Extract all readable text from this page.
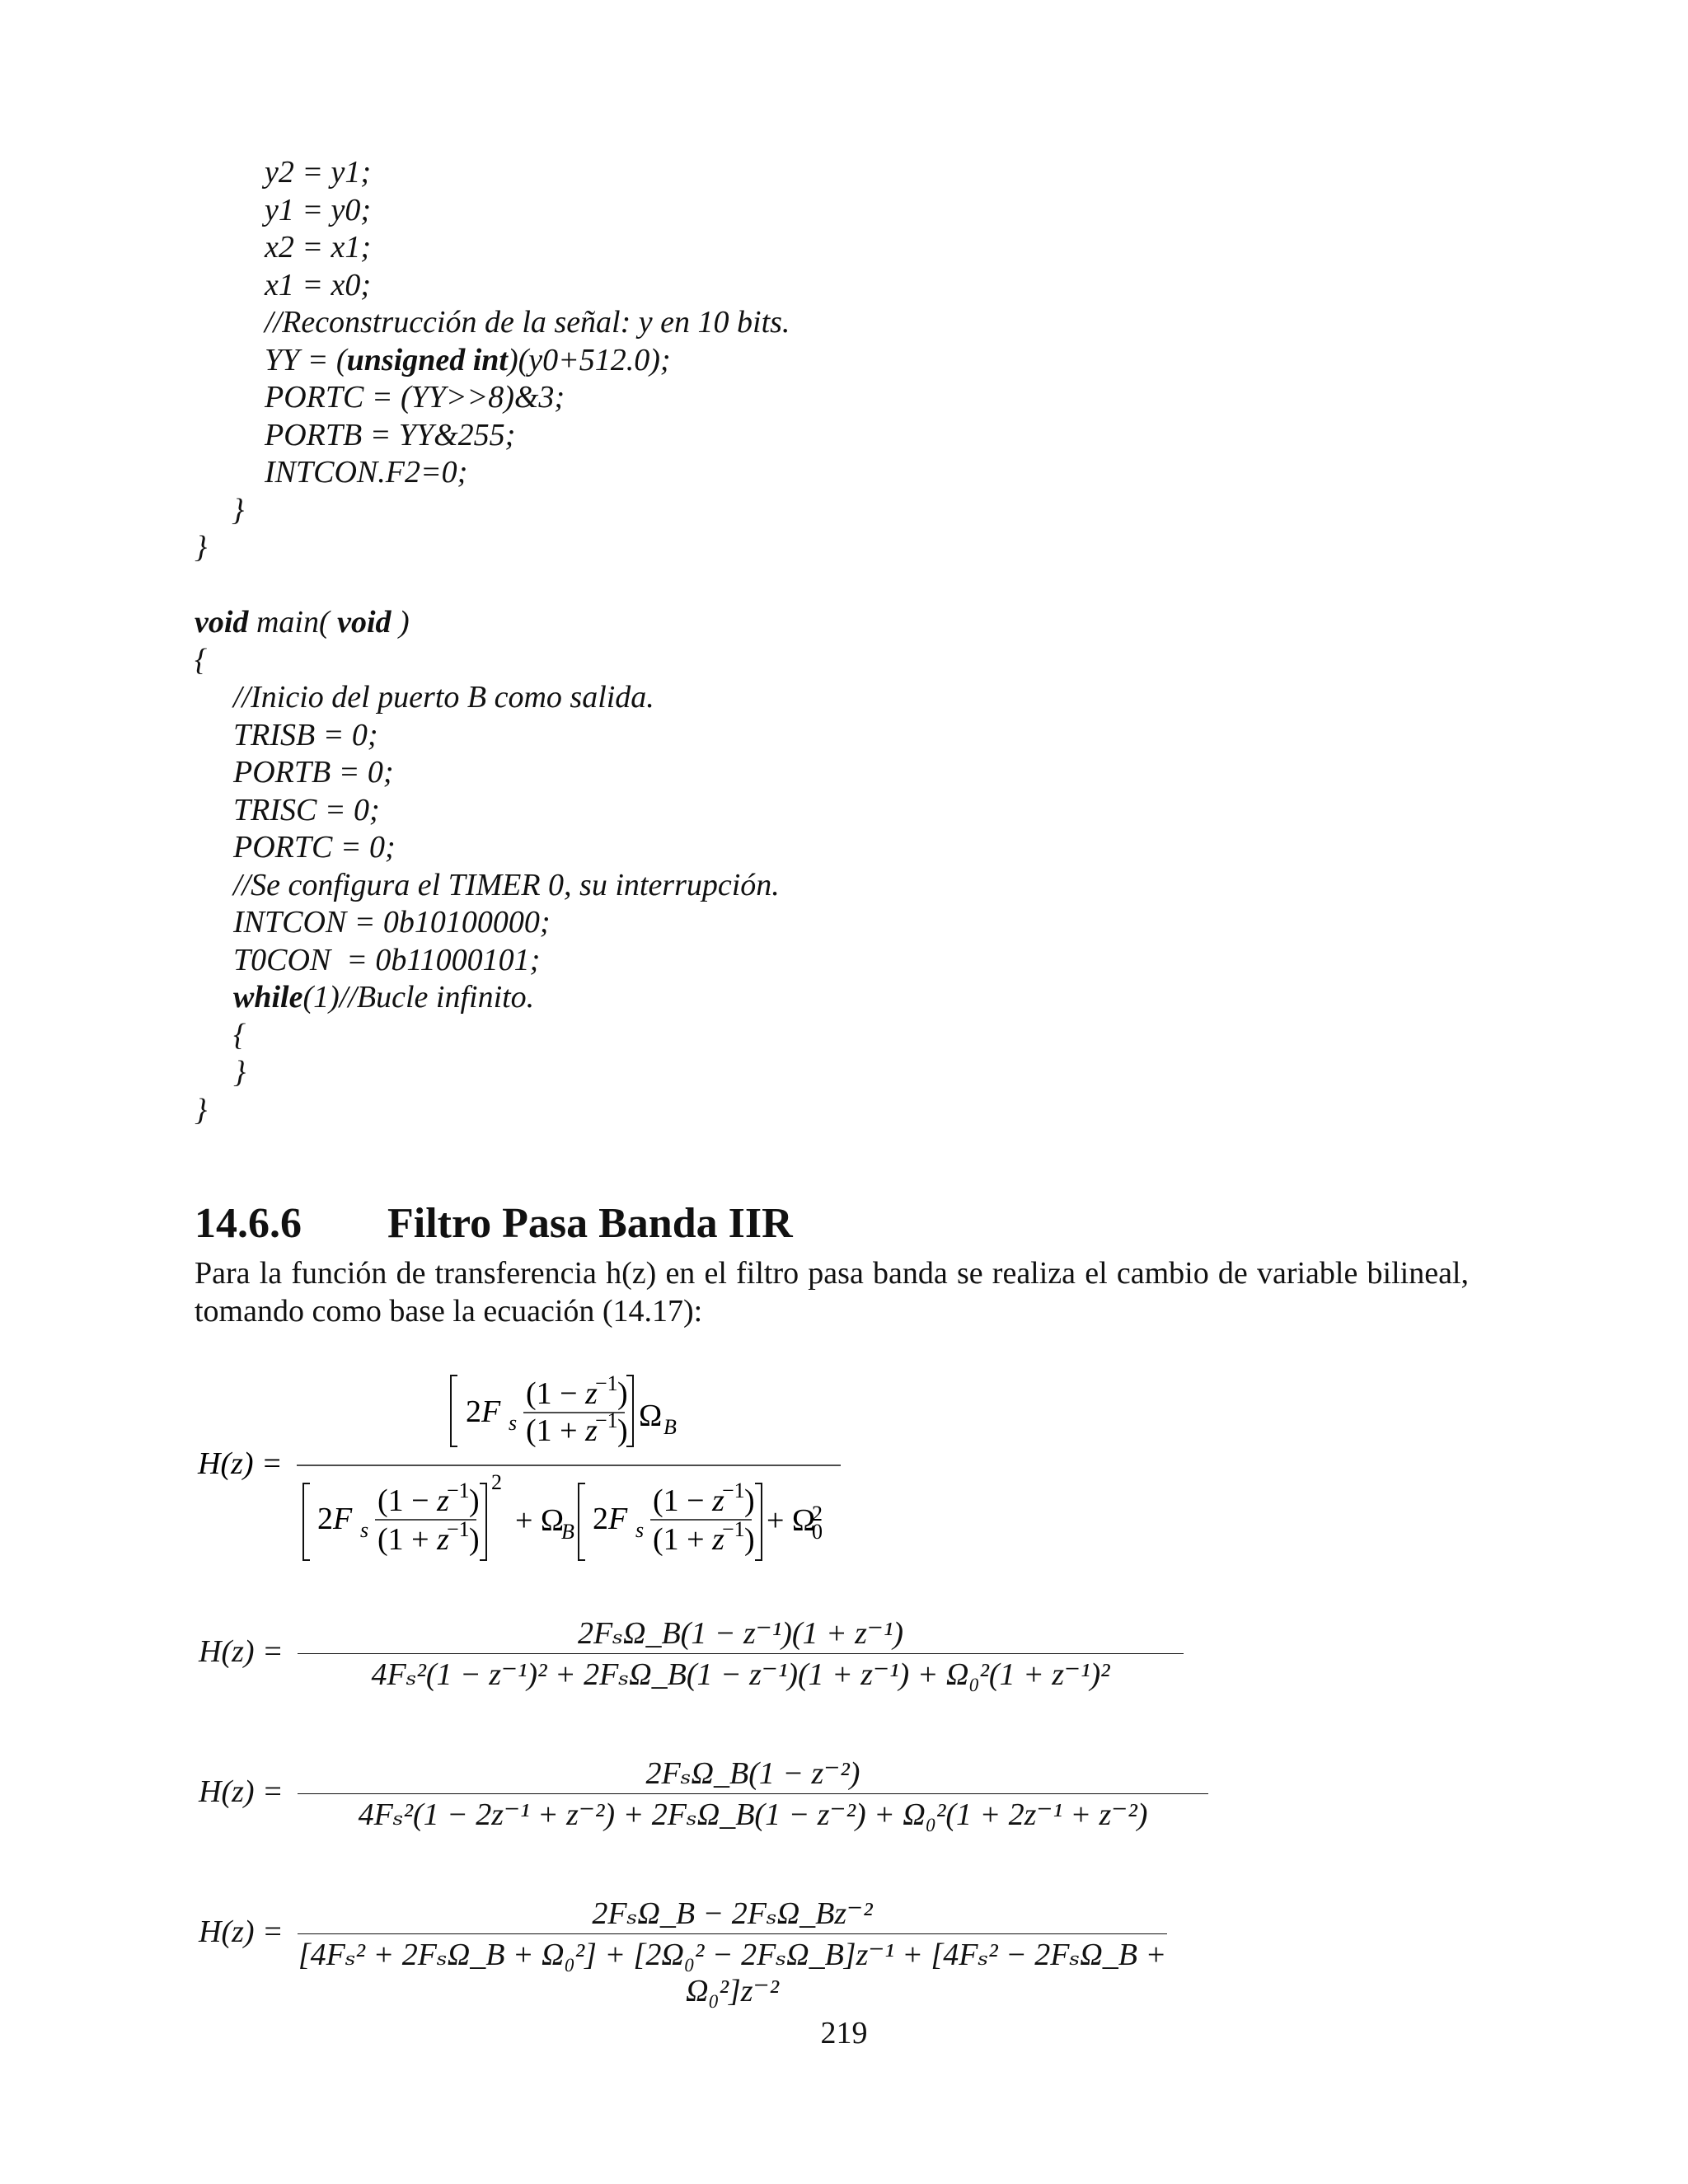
y2 = y1;
y1 = y0;
x2 = x1;
x1 = x0;
//Reconstrucción de la señal: y en 10 bits.
YY = (unsigned int)(y0+512.0);
PORTC = (YY>>8)&3;
PORTB = YY&255;
INTCON.F2=0;
}
}
void main( void )
{
//Inicio del puerto B como salida.
TRISB = 0;
PORTB = 0;
TRISC = 0;
PORTC = 0;
//Se configura el TIMER 0, su interrupción.
INTCON = 0b10100000;
T0CON  = 0b11000101;
while(1)//Bucle infinito.
{
}
}
14.6.6 Filtro Pasa Banda IIR
Para la función de transferencia h(z) en el filtro pasa banda se realiza el cambio de variable bilineal, tomando como base la ecuación (14.17):
H(z) =
2F s
(1 − z
−1 )
(1 + z
−1 ) Ω B
2
2F s
(1 − z
−1 )
(1 + z
−1 )
+ Ω
B 2F s
(1 − z
−1 )
(1 + z
−1 )
+ Ω
2
0
H(z) =
2FₛΩ_B(1 − z⁻¹)(1 + z⁻¹)
4Fₛ²(1 − z⁻¹)² + 2FₛΩ_B(1 − z⁻¹)(1 + z⁻¹) + Ω₀²(1 + z⁻¹)²
H(z) =
2FₛΩ_B(1 − z⁻²)
4Fₛ²(1 − 2z⁻¹ + z⁻²) + 2FₛΩ_B(1 − z⁻²) + Ω₀²(1 + 2z⁻¹ + z⁻²)
H(z) =
2FₛΩ_B − 2FₛΩ_Bz⁻²
[4Fₛ² + 2FₛΩ_B + Ω₀²] + [2Ω₀² − 2FₛΩ_B]z⁻¹ + [4Fₛ² − 2FₛΩ_B + Ω₀²]z⁻²
219
